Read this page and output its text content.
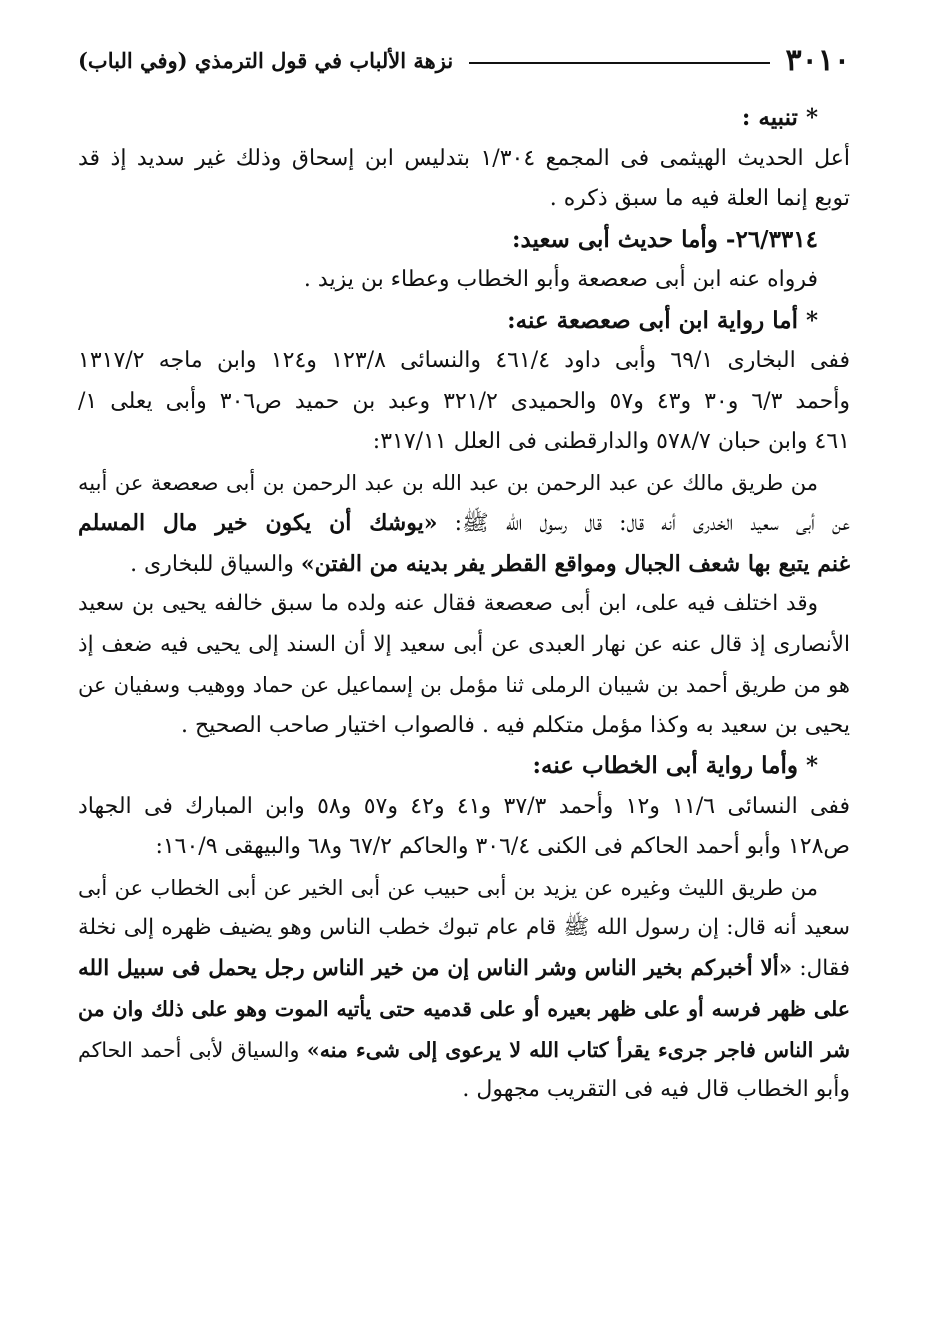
٣٠١٠
نزهة الألباب في قول الترمذي (وفي الباب)
* تنبيه :
أعل الحديث الهيثمى فى المجمع ١/٣٠٤ بتدليس ابن إسحاق وذلك غير سديد إذ قد
توبع إنما العلة فيه ما سبق ذكره .
٢٦/٣٣١٤- وأما حديث أبى سعيد:
فرواه عنه ابن أبى صعصعة وأبو الخطاب وعطاء بن يزيد .
* أما رواية ابن أبى صعصعة عنه:
ففى البخارى ٦٩/١ وأبى داود ٤٦١/٤ والنسائى ١٢٣/٨ و١٢٤ وابن ماجه ١٣١٧/٢
وأحمد ٦/٣ و٣٠ و٤٣ و٥٧ والحميدى ٣٢١/٢ وعبد بن حميد ص٣٠٦ وأبى يعلى ١/
٤٦١ وابن حبان ٥٧٨/٧ والدارقطنى فى العلل ٣١٧/١١:
من طريق مالك عن عبد الرحمن بن عبد الله بن عبد الرحمن بن أبى صعصعة عن أبيه
عن أبى سعيد الخدرى أنه قال: قال رسول الله ﷺ: «يوشك أن يكون خير مال المسلم
غنم يتبع بها شعف الجبال ومواقع القطر يفر بدينه من الفتن» والسياق للبخارى .
وقد اختلف فيه على، ابن أبى صعصعة فقال عنه ولده ما سبق خالفه يحيى بن سعيد
الأنصارى إذ قال عنه عن نهار العبدى عن أبى سعيد إلا أن السند إلى يحيى فيه ضعف إذ
هو من طريق أحمد بن شيبان الرملى ثنا مؤمل بن إسماعيل عن حماد ووهيب وسفيان عن
يحيى بن سعيد به وكذا مؤمل متكلم فيه . فالصواب اختيار صاحب الصحيح .
* وأما رواية أبى الخطاب عنه:
ففى النسائى ١١/٦ و١٢ وأحمد ٣٧/٣ و٤١ و٤٢ و٥٧ و٥٨ وابن المبارك فى الجهاد
ص١٢٨ وأبو أحمد الحاكم فى الكنى ٣٠٦/٤ والحاكم ٦٧/٢ و٦٨ والبيهقى ١٦٠/٩:
من طريق الليث وغيره عن يزيد بن أبى حبيب عن أبى الخير عن أبى الخطاب عن أبى
سعيد أنه قال: إن رسول الله ﷺ قام عام تبوك خطب الناس وهو يضيف ظهره إلى نخلة
فقال: «ألا أخبركم بخير الناس وشر الناس إن من خير الناس رجل يحمل فى سبيل الله
على ظهر فرسه أو على ظهر بعيره أو على قدميه حتى يأتيه الموت وهو على ذلك وان من
شر الناس فاجر جرىء يقرأ كتاب الله لا يرعوى إلى شىء منه» والسياق لأبى أحمد الحاكم
وأبو الخطاب قال فيه فى التقريب مجهول .
